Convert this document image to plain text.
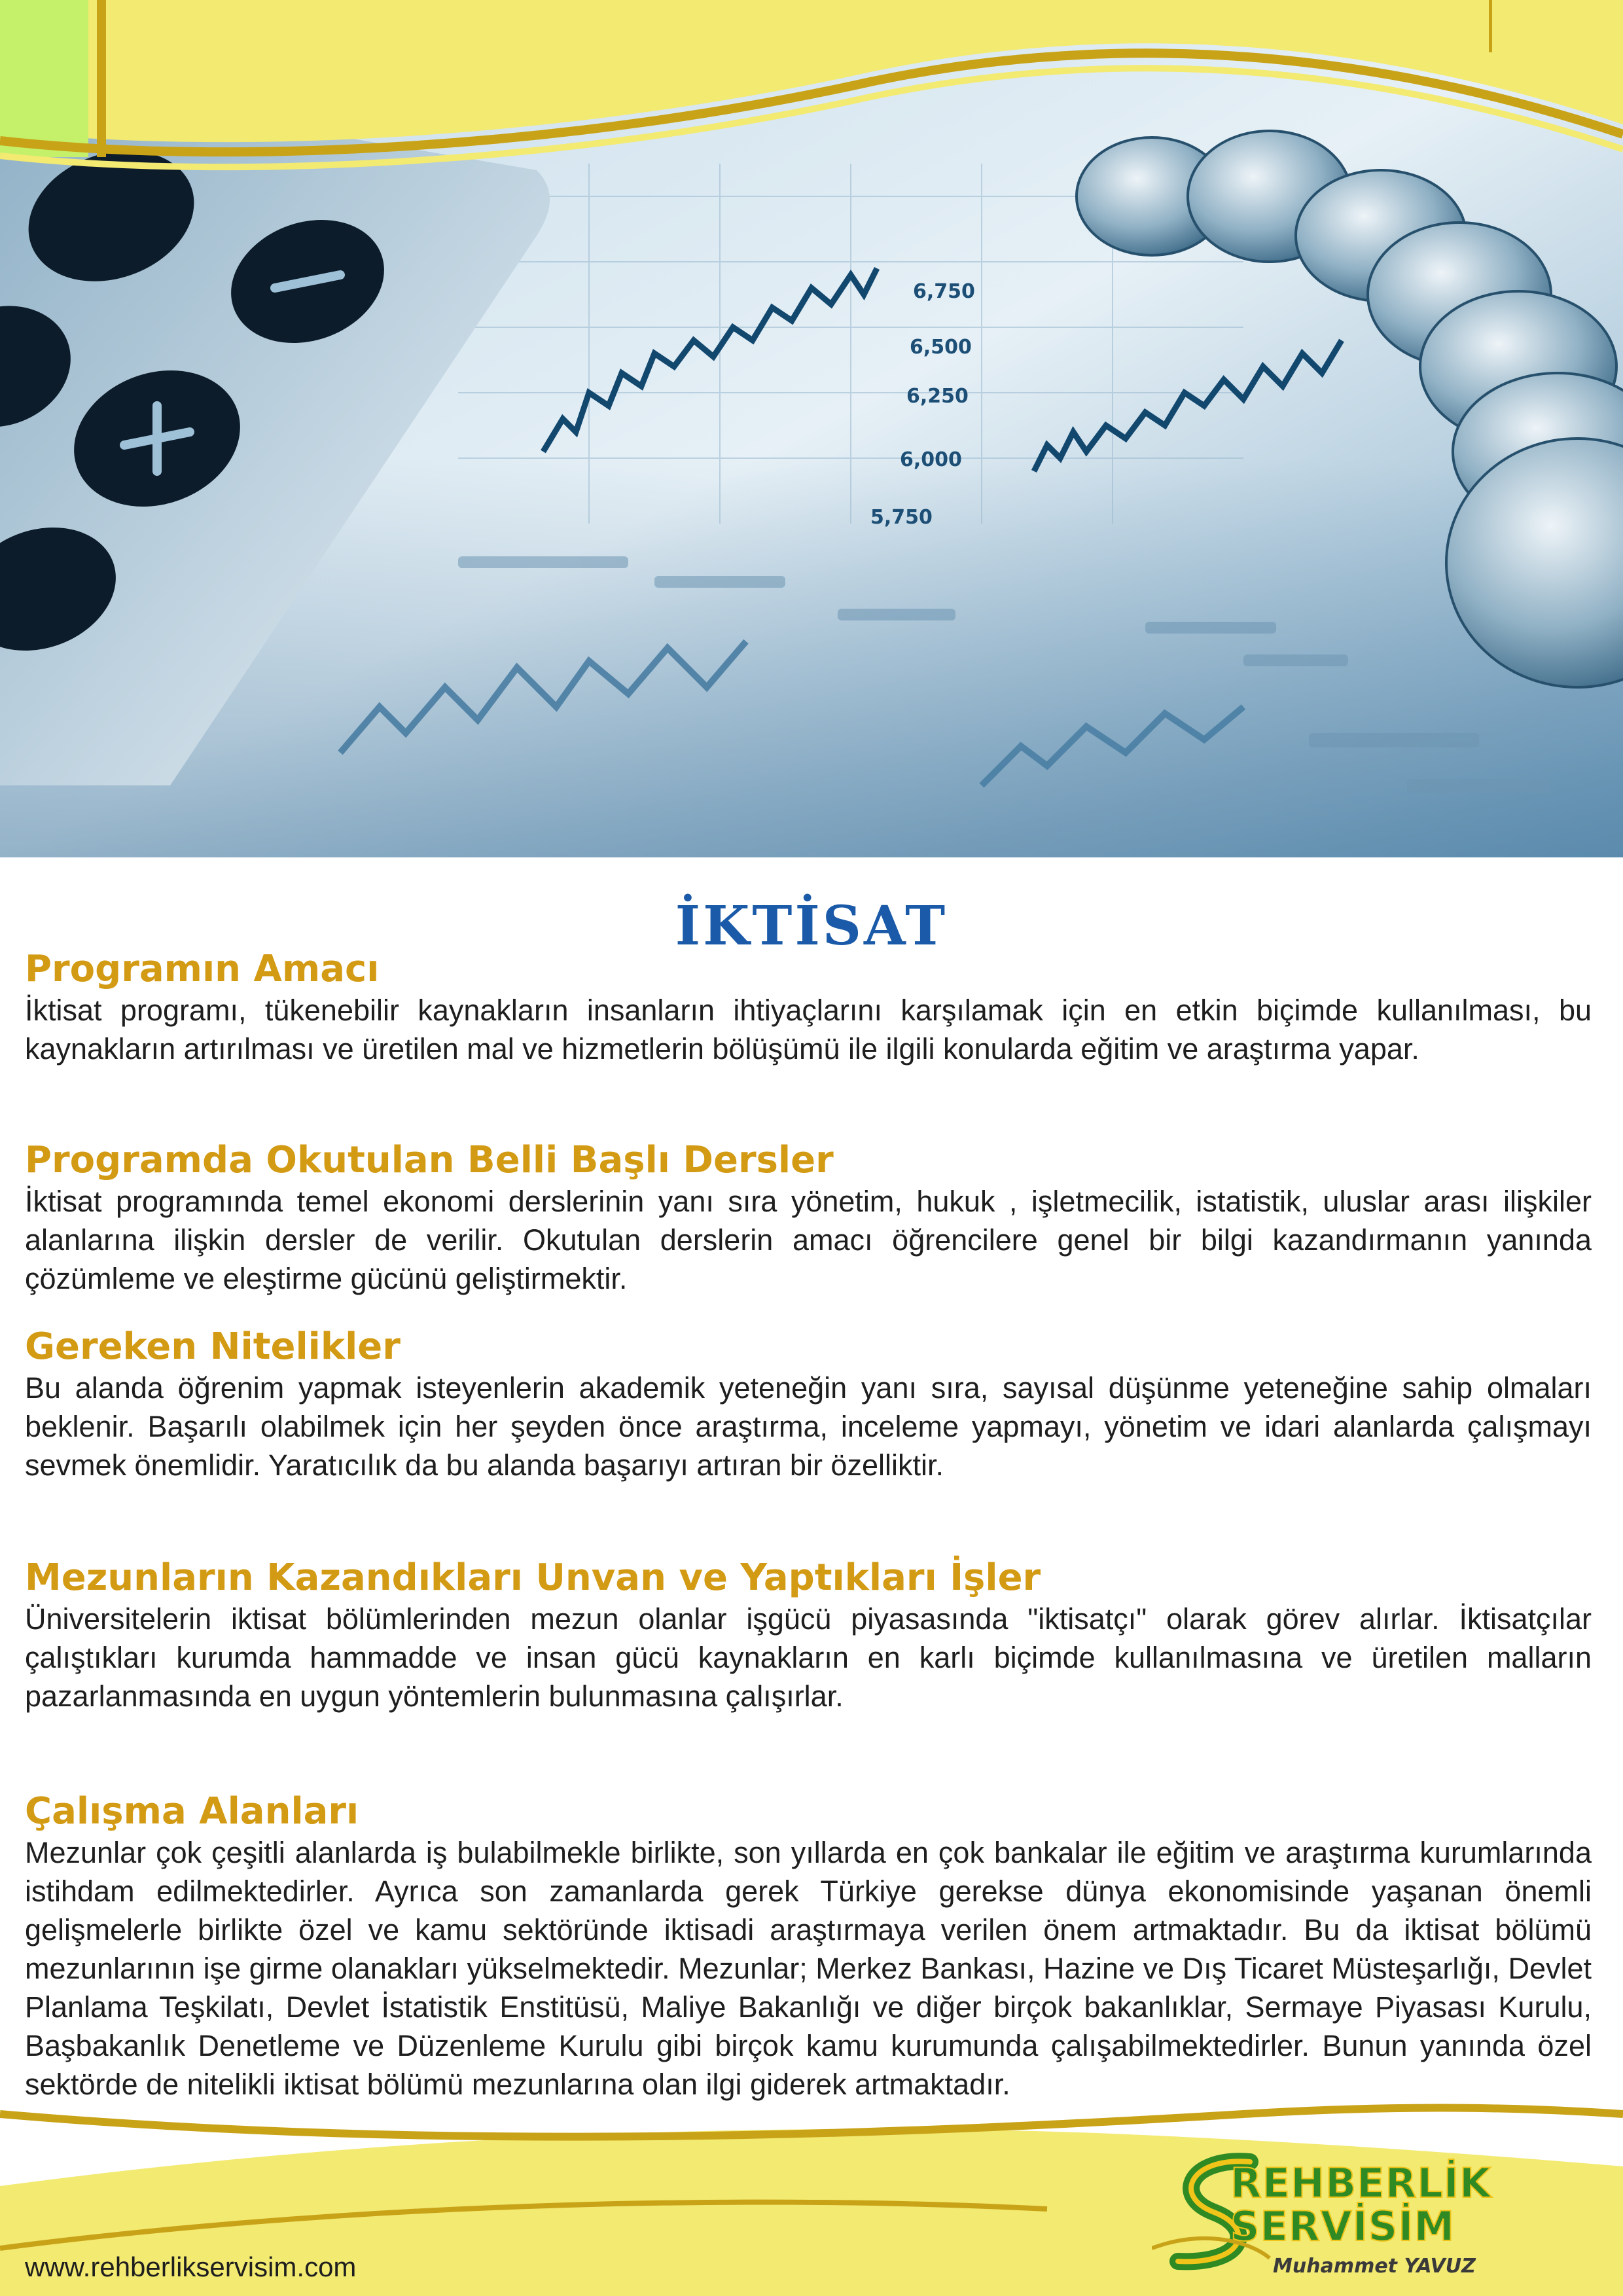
6,750
6,500
6,250
6,000
5,750
İKTİSAT
Programın Amacı

İktisat programı, tükenebilir kaynakların insanların ihtiyaçlarını karşılamak için en etkin biçimde kullanılması, bu kaynakların artırılması ve üretilen mal ve hizmetlerin bölüşümü ile ilgili konularda eğitim ve araştırma yapar.

Programda Okutulan Belli Başlı Dersler

İktisat programında temel ekonomi derslerinin yanı sıra yönetim, hukuk , işletmecilik, istatistik, uluslar arası ilişkiler alanlarına ilişkin dersler de verilir. Okutulan derslerin amacı öğrencilere genel bir bilgi kazandırmanın yanında çözümleme ve eleştirme gücünü geliştirmektir.

Gereken Nitelikler

Bu alanda öğrenim yapmak isteyenlerin akademik yeteneğin yanı sıra, sayısal düşünme yeteneğine sahip olmaları beklenir. Başarılı olabilmek için her şeyden önce araştırma, inceleme yapmayı, yönetim ve idari alanlarda çalışmayı sevmek önemlidir. Yaratıcılık da bu alanda başarıyı artıran bir özelliktir.

Mezunların Kazandıkları Unvan ve Yaptıkları İşler

Üniversitelerin iktisat bölümlerinden mezun olanlar işgücü piyasasında "iktisatçı" olarak görev alırlar. İktisatçılar çalıştıkları kurumda hammadde ve insan gücü kaynakların en karlı biçimde kullanılmasına ve üretilen malların pazarlanmasında en uygun yöntemlerin bulunmasına çalışırlar.

Çalışma Alanları

Mezunlar çok çeşitli alanlarda iş bulabilmekle birlikte, son yıllarda en çok bankalar ile eğitim ve araştırma kurumlarında istihdam edilmektedirler. Ayrıca son zamanlarda gerek Türkiye gerekse dünya ekonomisinde yaşanan önemli gelişmelerle birlikte özel ve kamu sektöründe iktisadi araştırmaya verilen önem artmaktadır. Bu da iktisat bölümü mezunlarının işe girme olanakları yükselmektedir. Mezunlar; Merkez Bankası, Hazine ve Dış Ticaret Müsteşarlığı, Devlet Planlama Teşkilatı, Devlet İstatistik Enstitüsü, Maliye Bakanlığı ve diğer birçok bakanlıklar, Sermaye Piyasası Kurulu, Başbakanlık Denetleme ve Düzenleme Kurulu gibi birçok kamu kurumunda çalışabilmektedirler. Bunun yanında özel sektörde de nitelikli iktisat bölümü mezunlarına olan ilgi giderek artmaktadır.

www.rehberlikservisim.com
REHBERLİK
SERVİSİM
Muhammet YAVUZ
